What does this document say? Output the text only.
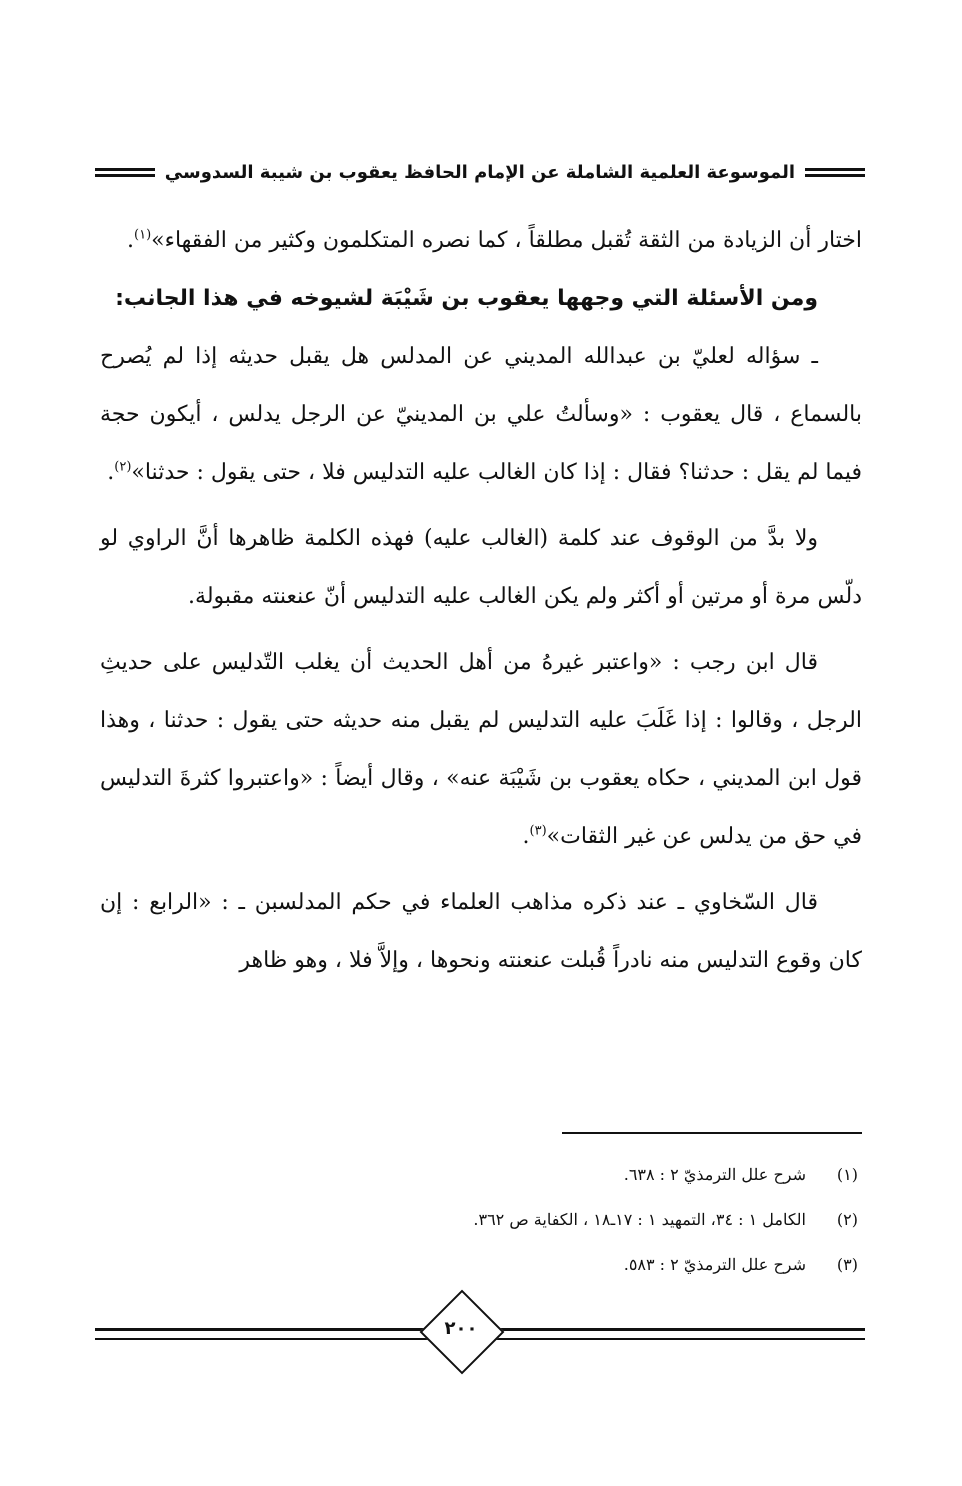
الموسوعة العلمية الشاملة عن الإمام الحافظ يعقوب بن شيبة السدوسي

اختار أن الزيادة من الثقة تُقبل مطلقاً ، كما نصره المتكلمون وكثير من الفقهاء»$^{(١)}$.

ومن الأسئلة التي وجهها يعقوب بن شَيْبَة لشيوخه في هذا الجانب:

ـ سؤاله لعليّ بن عبدالله المديني عن المدلس هل يقبل حديثه إذا لم يُصرح بالسماع ، قال يعقوب : «وسألتُ علي بن المدينيّ عن الرجل يدلس ، أيكون حجة فيما لم يقل : حدثنا؟ فقال : إذا كان الغالب عليه التدليس فلا ، حتى يقول : حدثنا»$^{(٢)}$.

ولا بدَّ من الوقوف عند كلمة (الغالب عليه) فهذه الكلمة ظاهرها أنَّ الراوي لو دلّس مرة أو مرتين أو أكثر ولم يكن الغالب عليه التدليس أنّ عنعنته مقبولة.

قال ابن رجب : «واعتبر غيرهُ من أهل الحديث أن يغلب التّدليس على حديثِ الرجل ، وقالوا : إذا غَلَبَ عليه التدليس لم يقبل منه حديثه حتى يقول : حدثنا ، وهذا قول ابن المديني ، حكاه يعقوب بن شَيْبَة عنه» ، وقال أيضاً : «واعتبروا كثرةَ التدليس في حق من يدلس عن غير الثقات»$^{(٣)}$.

قال السّخاوي ـ عند ذكره مذاهب العلماء في حكم المدلسبن ـ : «الرابع : إن كان وقوع التدليس منه نادراً قُبلت عنعنته ونحوها ، وإلاَّ فلا ، وهو ظاهر

(١)
شرح علل الترمذيّ ٢ : ٦٣٨.
(٢)
الكامل ١ : ٣٤، التمهيد ١ : ١٧ـ١٨ ، الكفاية ص ٣٦٢.
(٣)
شرح علل الترمذيّ ٢ : ٥٨٣.
٢٠٠
